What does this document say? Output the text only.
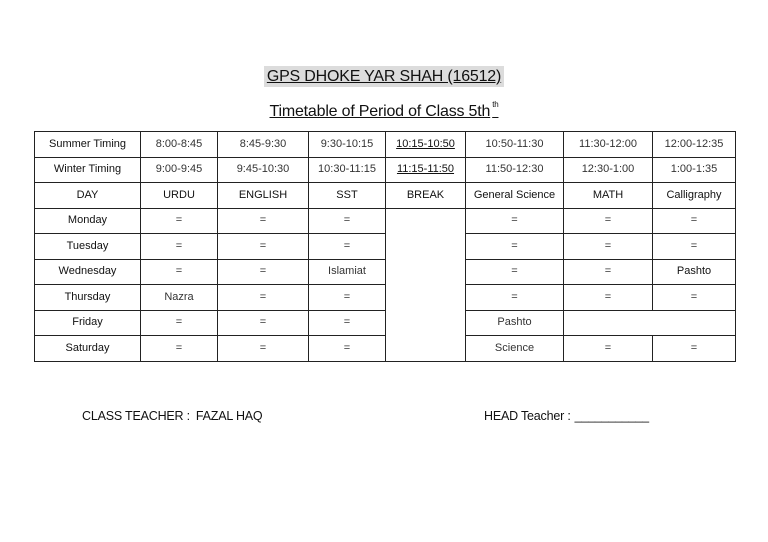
GPS DHOKE YAR SHAH (16512)
Timetable of Period of Class 5th $^{th}$
Summer Timing	8:00-8:45	8:45-9:30	9:30-10:15	10:15-10:50	10:50-11:30	11:30-12:00	12:00-12:35
Winter Timing	9:00-9:45	9:45-10:30	10:30-11:15	11:15-11:50	11:50-12:30	12:30-1:00	1:00-1:35
DAY	URDU	ENGLISH	SST	BREAK	General Science	MATH	Calligraphy
Monday	=	=	=		=	=	=
Tuesday	=	=	=		=	=	=
Wednesday	=	=	Islamiat		=	=	Pashto
Thursday	Nazra	=	=		=	=	=
Friday	=	=	=		Pashto		
Saturday	=	=	=		Science	=	=
CLASS TEACHER : FAZAL HAQ	HEAD Teacher : ___________
